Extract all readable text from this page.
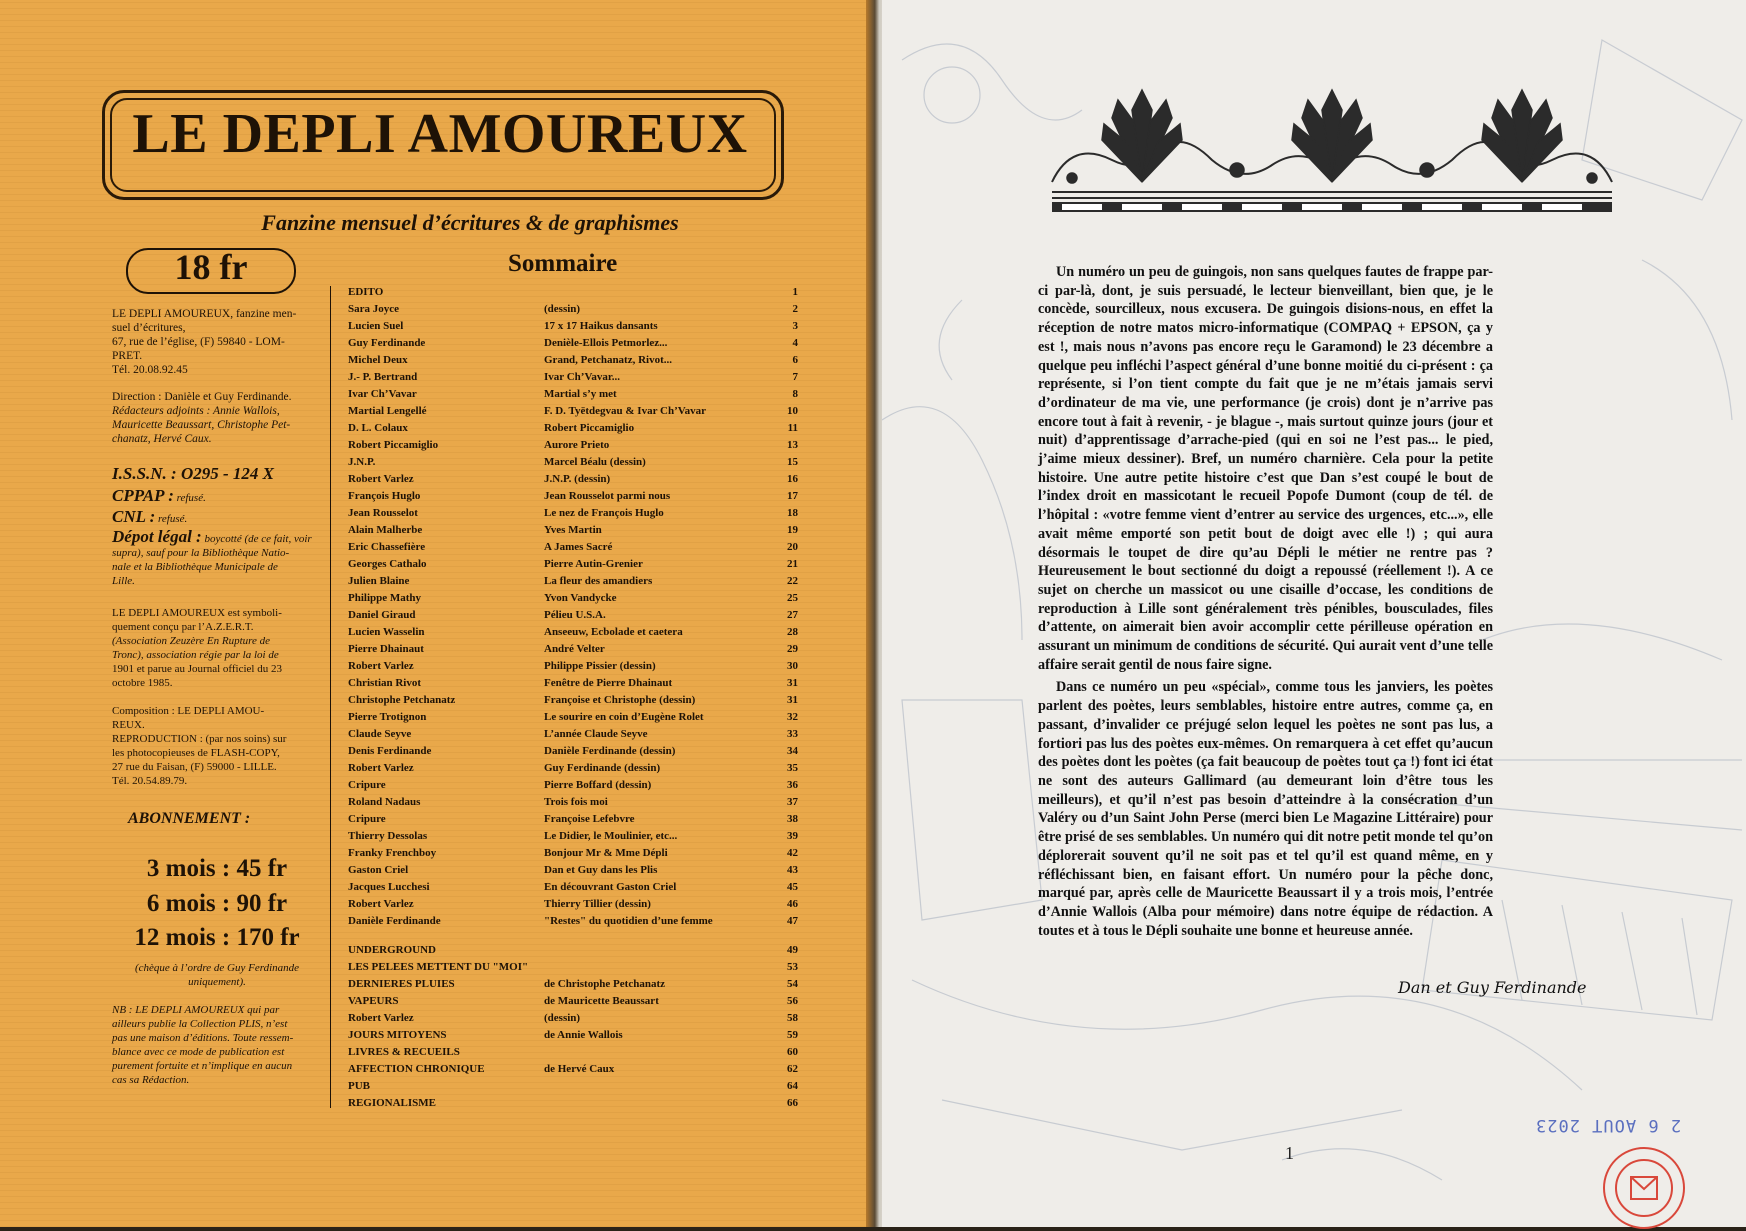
LE DEPLI AMOUREUX
Fanzine mensuel d’écritures & de graphismes
18 fr	Sommaire

LE DEPLI AMOUREUX, fanzine men-

suel d’écritures,

67, rue de l’église, (F) 59840 - LOM-

PRET.

Tél. 20.08.92.45

Direction : Danièle et Guy Ferdinande.

Rédacteurs adjoints : Annie Wallois,

Mauricette Beaussart, Christophe Pet-

chanatz, Hervé Caux.

I.S.S.N. : O295 - 124 X
CPPAP : refusé.
CNL : refusé.
Dépot légal : boycotté (de ce fait, voir
supra), sauf pour la Bibliothèque Natio-
nale et la Bibliothèque Municipale de
Lille.
LE DEPLI AMOUREUX est symboli-
quement conçu par l’A.Z.E.R.T.
(Association Zeuzère En Rupture de
Tronc), association régie par la loi de
1901 et parue au Journal officiel du 23
octobre 1985.
Composition : LE DEPLI AMOU-
REUX.
REPRODUCTION : (par nos soins) sur
les photocopieuses de FLASH-COPY,
27 rue du Faisan, (F) 59000 - LILLE.
Tél. 20.54.89.79.
ABONNEMENT :
3 mois : 45 fr
6 mois : 90 fr
12 mois : 170 fr
(chèque à l’ordre de Guy Ferdinande
uniquement).
NB : LE DEPLI AMOUREUX qui par
ailleurs publie la Collection PLIS, n’est
pas une maison d’éditions. Toute ressem-
blance avec ce mode de publication est
purement fortuite et n’implique en aucun
cas sa Rédaction.
EDITO	1
Sara Joyce	(dessin)	2
Lucien Suel	17 x 17 Haikus dansants	3
Guy Ferdinande	Denièle-Ellois Petmorlez...	4
Michel Deux	Grand, Petchanatz, Rivot...	6
J.- P. Bertrand	Ivar Ch’Vavar...	7
Ivar Ch’Vavar	Martial s’y met	8
Martial Lengellé	F. D. Tyëtdegvau & Ivar Ch’Vavar	10
D. L. Colaux	Robert Piccamiglio	11
Robert Piccamiglio	Aurore Prieto	13
J.N.P.	Marcel Béalu (dessin)	15
Robert Varlez	J.N.P. (dessin)	16
François Huglo	Jean Rousselot parmi nous	17
Jean Rousselot	Le nez de François Huglo	18
Alain Malherbe	Yves Martin	19
Eric Chassefière	A James Sacré	20
Georges Cathalo	Pierre Autin-Grenier	21
Julien Blaine	La fleur des amandiers	22
Philippe Mathy	Yvon Vandycke	25
Daniel Giraud	Pélieu U.S.A.	27
Lucien Wasselin	Anseeuw, Ecbolade et caetera	28
Pierre Dhainaut	André Velter	29
Robert Varlez	Philippe Pissier (dessin)	30
Christian Rivot	Fenêtre de Pierre Dhainaut	31
Christophe Petchanatz	Françoise et Christophe (dessin)	31
Pierre Trotignon	Le sourire en coin d’Eugène Rolet	32
Claude Seyve	L’année Claude Seyve	33
Denis Ferdinande	Danièle Ferdinande (dessin)	34
Robert Varlez	Guy Ferdinande (dessin)	35
Cripure	Pierre Boffard (dessin)	36
Roland Nadaus	Trois fois moi	37
Cripure	Françoise Lefebvre	38
Thierry Dessolas	Le Didier, le Moulinier, etc...	39
Franky Frenchboy	Bonjour Mr & Mme Dépli	42
Gaston Criel	Dan et Guy dans les Plis	43
Jacques Lucchesi	En découvrant Gaston Criel	45
Robert Varlez	Thierry Tillier (dessin)	46
Danièle Ferdinande	"Restes" du quotidien d’une femme	47
UNDERGROUND	49
LES PELEES METTENT DU "MOI"	53
DERNIERES PLUIES	de Christophe Petchanatz	54
VAPEURS	de Mauricette Beaussart	56
Robert Varlez	(dessin)	58
JOURS MITOYENS	de Annie Wallois	59
LIVRES & RECUEILS	60
AFFECTION CHRONIQUE	de Hervé Caux	62
PUB	64
REGIONALISME	66

Un numéro un peu de guingois, non sans quelques fautes de frappe par-ci par-là, dont, je suis persuadé, le lecteur bienveillant, bien que, je le concède, sourcilleux, nous excusera. De guingois disions-nous, en effet la réception de notre matos micro-informatique (COMPAQ + EPSON, ça y est !, mais nous n’avons pas encore reçu le Garamond) le 23 décembre a quelque peu infléchi l’aspect général d’une bonne moitié du ci-présent : ça représente, si l’on tient compte du fait que je ne m’étais jamais servi d’ordinateur de ma vie, une performance (je crois) dont je n’arrive pas encore tout à fait à revenir, - je blague -, mais surtout quinze jours (jour et nuit) d’apprentissage d’arrache-pied (qui en soi ne l’est pas... le pied, j’aime mieux dessiner). Bref, un numéro charnière. Cela pour la petite histoire. Une autre petite histoire c’est que Dan s’est coupé le bout de l’index droit en massicotant le recueil Popofe Dumont (coup de tél. de l’hôpital : «votre femme vient d’entrer au service des urgences, etc...», elle avait même emporté son petit bout de doigt avec elle !) ; qui aura désormais le toupet de dire qu’au Dépli le métier ne rentre pas ? Heureusement le bout sectionné du doigt a repoussé (réellement !). A ce sujet on cherche un massicot ou une cisaille d’occase, les conditions de reproduction à Lille sont généralement très pénibles, bousculades, files d’attente, on aimerait bien avoir accomplir cette périlleuse opération en assurant un minimum de conditions de sécurité. Qui aurait vent d’une telle affaire serait gentil de nous faire signe.

Dans ce numéro un peu «spécial», comme tous les janviers, les poètes parlent des poètes, leurs semblables, histoire entre autres, comme ça, en passant, d’invalider ce préjugé selon lequel les poètes ne sont pas lus, a fortiori pas lus des poètes eux-mêmes. On remarquera à cet effet qu’aucun des poètes dont les poètes (ça fait beaucoup de poètes tout ça !) font ici état ne sont des auteurs Gallimard (au demeurant loin d’être tous les meilleurs), et qu’il n’est pas besoin d’atteindre à la consécration d’un Valéry ou d’un Saint John Perse (merci bien Le Magazine Littéraire) pour être prisé de ses semblables. Un numéro qui dit notre petit monde tel qu’on déplorerait souvent qu’il ne soit pas et tel qu’il est quand même, en y réfléchissant bien, en faisant effort. Un numéro pour la pêche donc, marqué par, après celle de Mauricette Beaussart il y a trois mois, l’entrée d’Annie Wallois (Alba pour mémoire) dans notre équipe de rédaction. A toutes et à tous le Dépli souhaite une bonne et heureuse année.

Dan et Guy Ferdinande
1
2 6 AOUT 2023
